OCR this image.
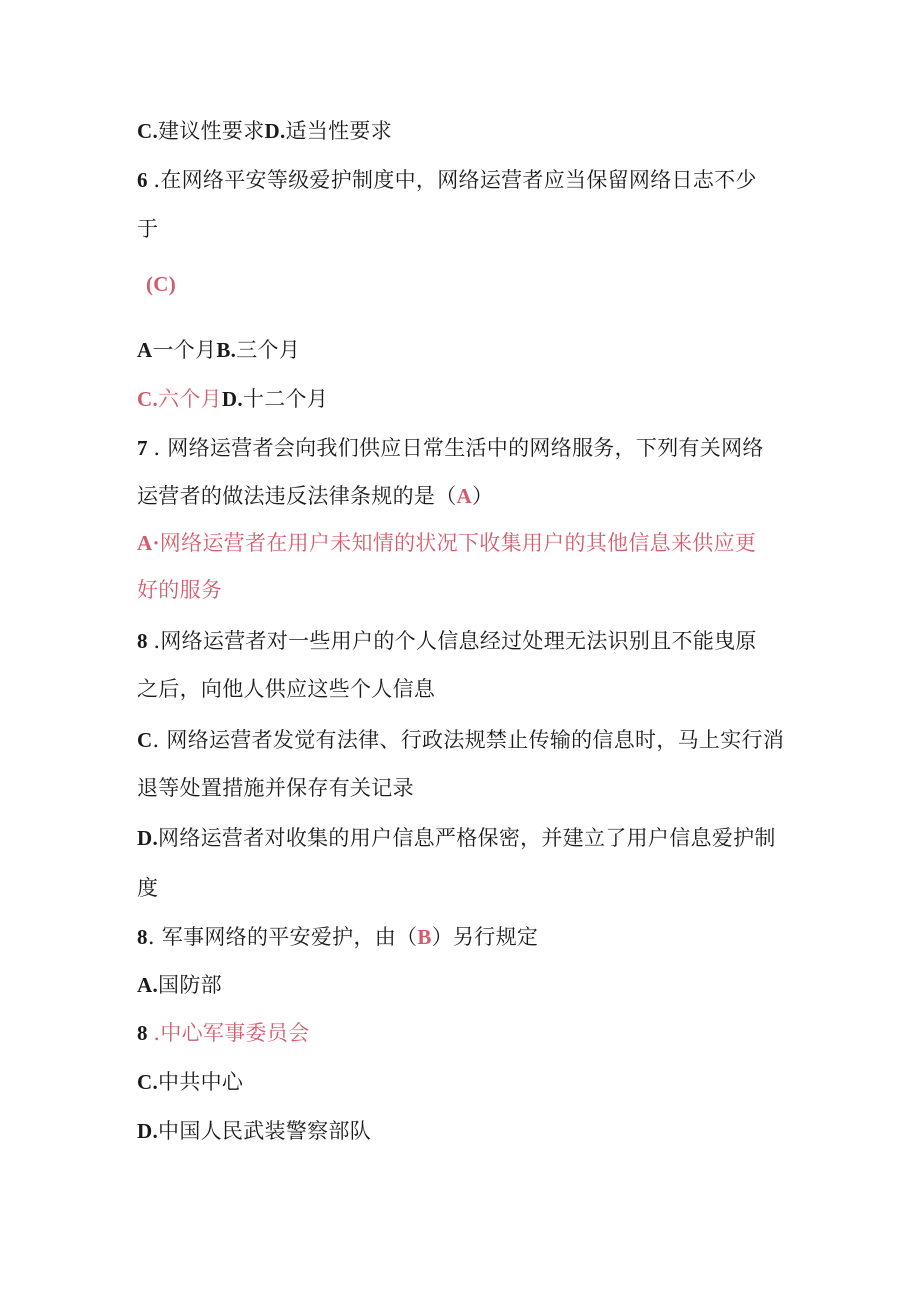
C.建议性要求D.适当性要求
6 .在网络平安等级爱护制度中，网络运营者应当保留网络日志不少
于
(C)
A一个月B.三个月
C.六个月D.十二个月
7 . 网络运营者会向我们供应日常生活中的网络服务，下列有关网络
运营者的做法违反法律条规的是（A）
A·网络运营者在用户未知情的状况下收集用户的其他信息来供应更
好的服务
8 .网络运营者对一些用户的个人信息经过处理无法识别且不能曳原
之后，向他人供应这些个人信息
C. 网络运营者发觉有法律、行政法规禁止传输的信息时，马上实行消
退等处置措施并保存有关记录
D.网络运营者对收集的用户信息严格保密，并建立了用户信息爱护制
度
8. 军事网络的平安爱护，由（B）另行规定
A.国防部
8 .中心军事委员会
C.中共中心
D.中国人民武装警察部队
